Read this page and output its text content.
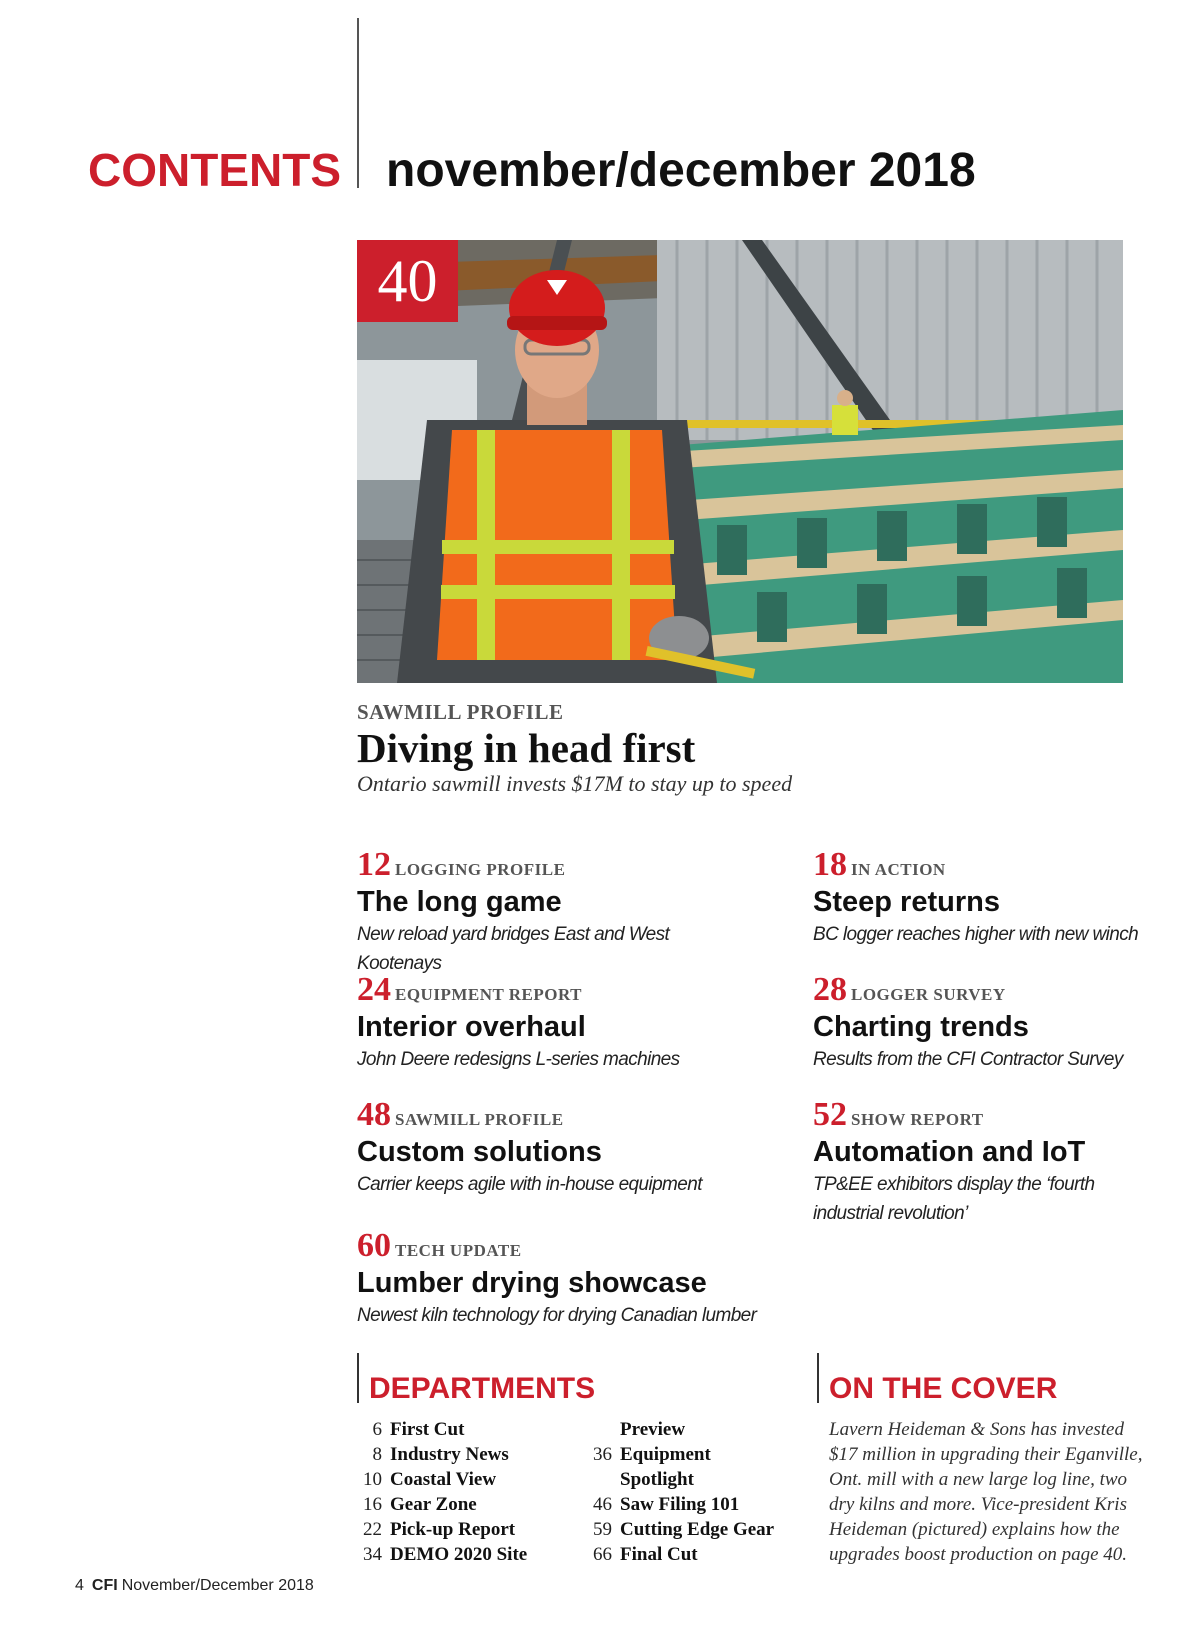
CONTENTS november/december 2018
40
SAWMILL PROFILE
Diving in head first
Ontario sawmill invests $17M to stay up to speed
12 LOGGING PROFILE
The long game
New reload yard bridges East and West Kootenays
18 IN ACTION
Steep returns
BC logger reaches higher with new winch
24 EQUIPMENT REPORT
Interior overhaul
John Deere redesigns L-series machines
28 LOGGER SURVEY
Charting trends
Results from the CFI Contractor Survey
48 SAWMILL PROFILE
Custom solutions
Carrier keeps agile with in-house equipment
52 SHOW REPORT
Automation and IoT
TP&EE exhibitors display the ‘fourth industrial revolution’
60 TECH UPDATE
Lumber drying showcase
Newest kiln technology for drying Canadian lumber
DEPARTMENTS
6 First Cut
8 Industry News
10 Coastal View
16 Gear Zone
22 Pick-up Report
34 DEMO 2020 Site
Preview
36 Equipment
Spotlight
46 Saw Filing 101
59 Cutting Edge Gear
66 Final Cut
ON THE COVER
Lavern Heideman & Sons has invested $17 million in upgrading their Eganville, Ont. mill with a new large log line, two dry kilns and more. Vice-president Kris Heideman (pictured) explains how the upgrades boost production on page 40.
4 CFI November/December 2018
